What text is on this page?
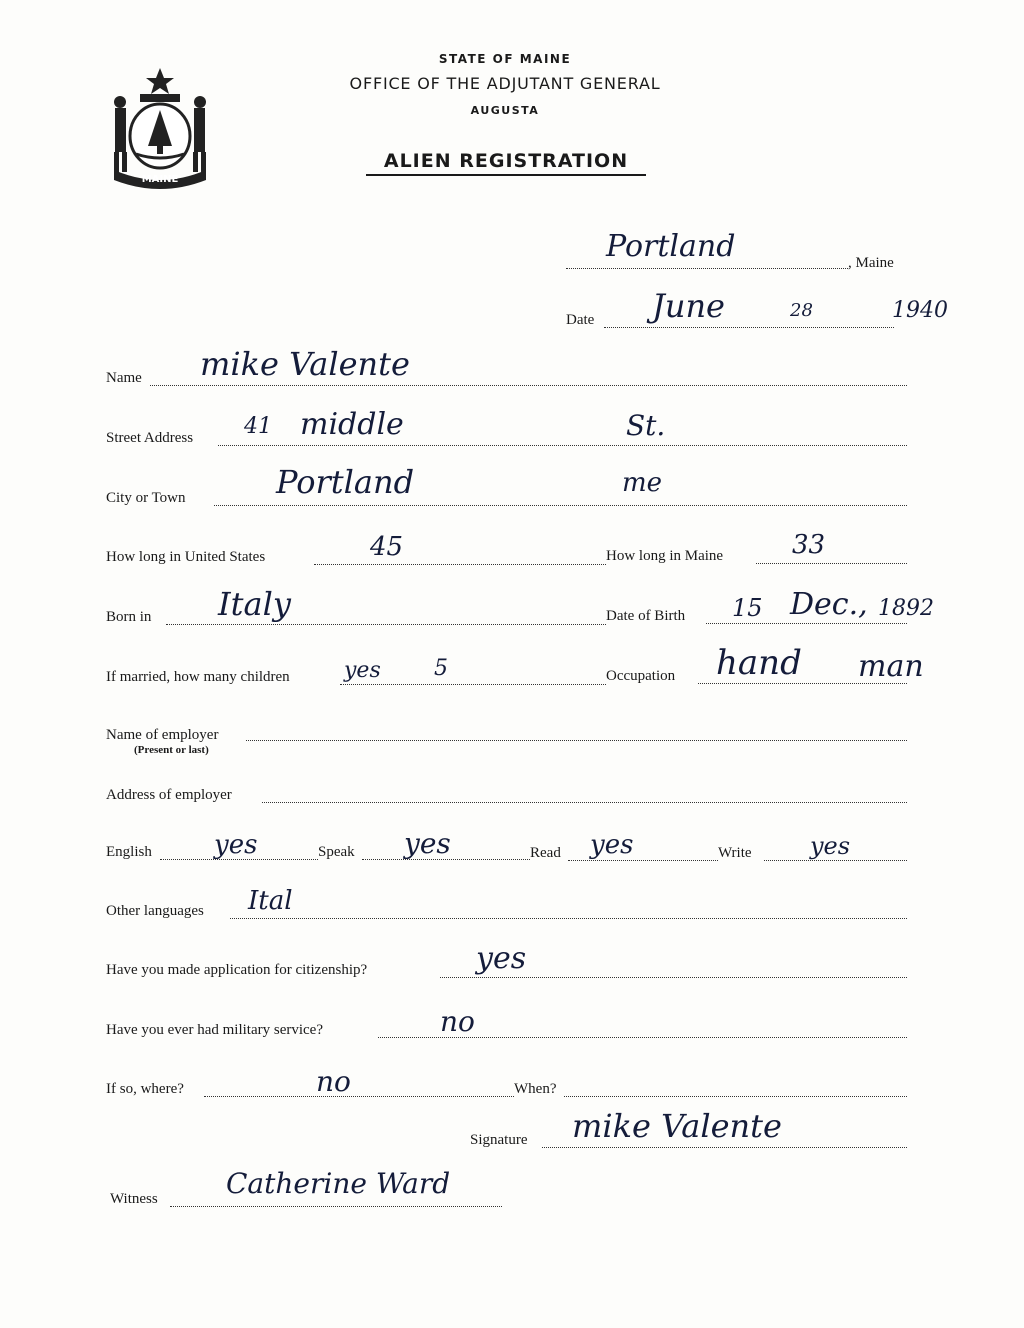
MAINE
STATE OF MAINE
OFFICE OF THE ADJUTANT GENERAL
AUGUSTA
ALIEN REGISTRATION
Portland	, Maine
Date June	28	1940
Name mike Valente
Street Address 41 middle	St.
City or Town	Portland	me
How long in United States	45	How long in Maine	33
Born in Italy	Date of Birth 15 Dec., 1892
If married, how many children yes 5	Occupation hand man
Name of employer
(Present or last)
Address of employer
English yes	Speak yes	Read yes	Write yes
Other languages Ital
Have you made application for citizenship?	yes
Have you ever had military service?	no
If so, where?	no	When?
Signature mike Valente
Witness Catherine Ward
